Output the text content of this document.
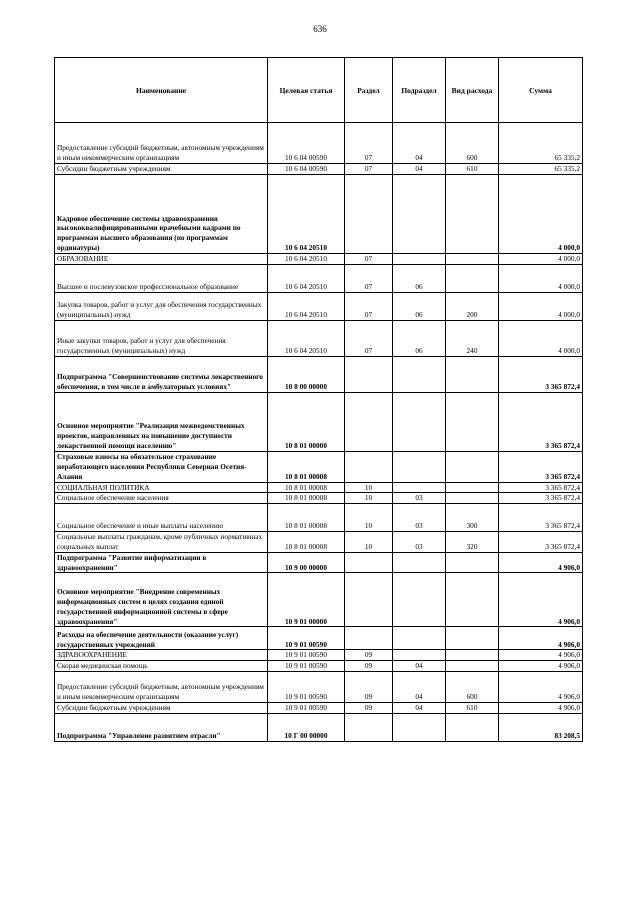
636
Наименование	Целевая статья	Раздел	Подраздел	Вид расхода	Сумма
Предоставление субсидий бюджетным, автономным учреждениям и иным некоммерческим организациям	10 6 04 00590	07	04	600	65 335,2
Субсидии бюджетным учреждениям	10 6 04 00590	07	04	610	65 335,2
Кадровое обеспечение системы здравоохранения высококвалифицированными врачебными кадрами по программам высшего образования (по программам ординатуры)	10 6 04 20510				4 000,0
ОБРАЗОВАНИЕ	10 6 04 20510	07			4 000,0
Высшее и послевузовское профессиональное образование	10 6 04 20510	07	06		4 000,0
Закупка товаров, работ и услуг для обеспечения государственных (муниципальных) нужд	10 6 04 20510	07	06	200	4 000,0
Иные закупки товаров, работ и услуг для обеспечения государственных (муниципальных) нужд	10 6 04 20510	07	06	240	4 000,0
Подпрограмма "Совершенствование системы лекарственного обеспечения, в том числе в амбулаторных условиях"	10 8 00 00000				3 365 872,4
Основное мероприятие "Реализация межведомственных проектов, направленных на повышение доступности лекарственной помощи населению"	10 8 01 00000				3 365 872,4
Страховые взносы на обязательное страхование неработающего населения Республики Северная Осетия-Алания	10 8 01 00008				3 365 872,4
СОЦИАЛЬНАЯ ПОЛИТИКА	10 8 01 00008	10			3 365 872,4
Социальное обеспечение населения	10 8 01 00008	10	03		3 365 872,4
Социальное обеспечение и иные выплаты населению	10 8 01 00008	10	03	300	3 365 872,4
Социальные выплаты гражданам, кроме публичных нормативных социальных выплат	10 8 01 00008	10	03	320	3 365 872,4
Подпрограмма "Развитие информатизации в здравоохранении"	10 9 00 00000				4 906,0
Основное мероприятие "Внедрение современных информационных систем в целях создания единой государственной информационной системы в сфере здравоохранения"	10 9 01 00000				4 906,0
Расходы на обеспечение деятельности (оказание услуг) государственных учреждений	10 9 01 00590				4 906,0
ЗДРАВООХРАНЕНИЕ	10 9 01 00590	09			4 906,0
Скорая медицинская помощь	10 9 01 00590	09	04		4 906,0
Предоставление субсидий бюджетным, автономным учреждениям и иным некоммерческим организациям	10 9 01 00590	09	04	600	4 906,0
Субсидии бюджетным учреждениям	10 9 01 00590	09	04	610	4 906,0
Подпрограмма "Управление развитием отрасли"	10 Г 00 00000				83 208,5
